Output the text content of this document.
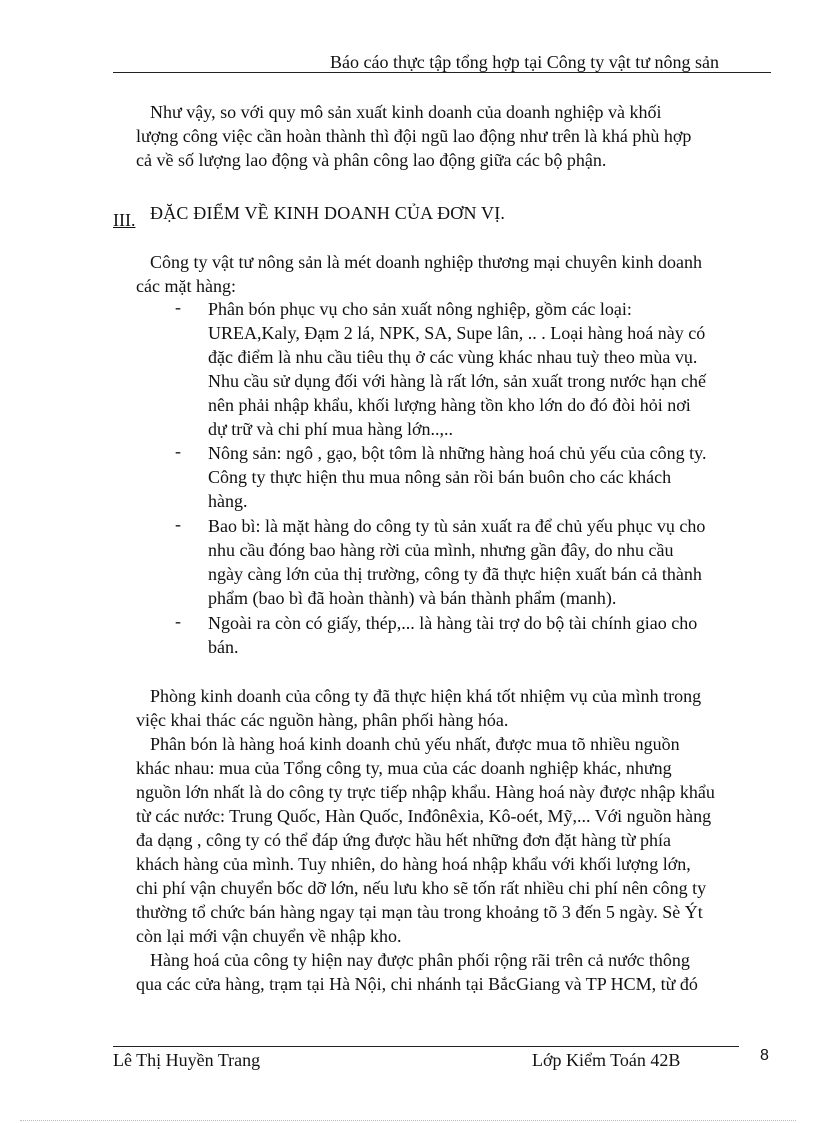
Báo cáo thực tập tổng hợp tại Công ty vật tư nông sản

Như vậy, so với quy mô sản xuất kinh doanh của doanh nghiệp và khối
lượng công việc cần hoàn thành thì đội ngũ lao động như trên là khá phù hợp
cả về số lượng lao động và phân công lao động giữa các bộ phận.

III. ĐẶC ĐIỂM VỀ KINH DOANH CỦA ĐƠN VỊ.

Công ty vật tư nông sản là mét doanh nghiệp thương mại chuyên kinh doanh
các mặt hàng:

- Phân bón phục vụ cho sản xuất nông nghiệp, gồm các loại:
UREA,Kaly, Đạm 2 lá, NPK, SA, Supe lân, .. . Loại hàng hoá này có
đặc điểm là nhu cầu tiêu thụ ở các vùng khác nhau tuỳ theo mùa vụ.
Nhu cầu sử dụng đối với hàng là rất lớn, sản xuất trong nước hạn chế
nên phải nhập khẩu, khối lượng hàng tồn kho lớn do đó đòi hỏi nơi
dự trữ và chi phí mua hàng lớn..,..

- Nông sản: ngô , gạo, bột tôm là những hàng hoá chủ yếu của công ty.
Công ty thực hiện thu mua nông sản rồi bán buôn cho các khách
hàng.

- Bao bì: là mặt hàng do công ty tù sản xuất ra để chủ yếu phục vụ cho
nhu cầu đóng bao hàng rời của mình, nhưng gần đây, do nhu cầu
ngày càng lớn của thị trường, công ty đã thực hiện xuất bán cả thành
phẩm (bao bì đã hoàn thành) và bán thành phẩm (manh).

- Ngoài ra còn có giấy, thép,... là hàng tài trợ do bộ tài chính giao cho
bán.

Phòng kinh doanh của công ty đã thực hiện khá tốt nhiệm vụ của mình trong
việc khai thác các nguồn hàng, phân phối hàng hóa.

Phân bón là hàng hoá kinh doanh chủ yếu nhất, được mua tõ nhiều nguồn
khác nhau: mua của Tổng công ty, mua của các doanh nghiệp khác, nhưng
nguồn lớn nhất là do công ty trực tiếp nhập khẩu. Hàng hoá này được nhập khẩu
từ các nước: Trung Quốc, Hàn Quốc, Inđônêxia, Kô-oét, Mỹ,... Với nguồn hàng
đa dạng , công ty có thể đáp ứng được hầu hết những đơn đặt hàng từ phía
khách hàng của mình. Tuy nhiên, do hàng hoá nhập khẩu với khối lượng lớn,
chi phí vận chuyển bốc dỡ lớn, nếu lưu kho sẽ tốn rất nhiều chi phí nên công ty
thường tổ chức bán hàng ngay tại mạn tàu trong khoảng tõ 3 đến 5 ngày. Sè Ýt
còn lại mới vận chuyển về nhập kho.

Hàng hoá của công ty hiện nay được phân phối rộng rãi trên cả nước thông
qua các cửa hàng, trạm tại Hà Nội, chi nhánh tại BắcGiang và TP HCM, từ đó

Lê Thị Huyền Trang	Lớp Kiểm Toán 42B	8
